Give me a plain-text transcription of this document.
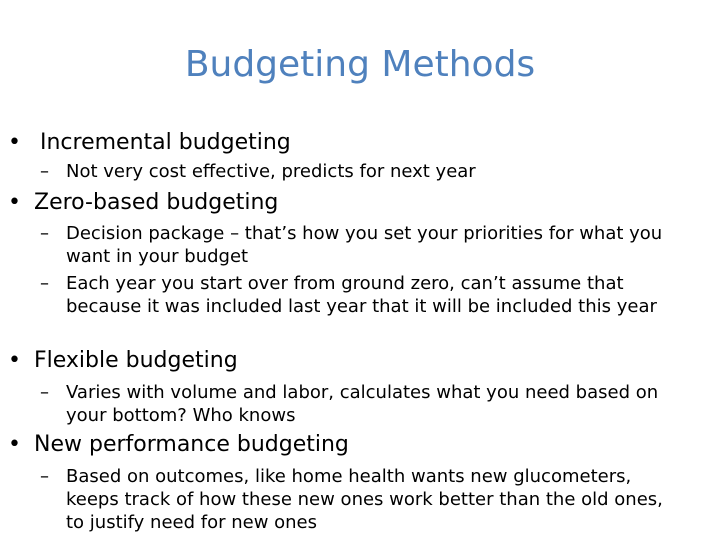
Budgeting Methods
• Incremental budgeting
– Not very cost effective, predicts for next year
• Zero-based budgeting
– Decision package – that’s how you set your priorities for what you want in your budget
– Each year you start over from ground zero, can’t assume that because it was included last year that it will be included this year
• Flexible budgeting
– Varies with volume and labor, calculates what you need based on your bottom? Who knows
• New performance budgeting
– Based on outcomes, like home health wants new glucometers, keeps track of how these new ones work better than the old ones, to justify need for new ones
